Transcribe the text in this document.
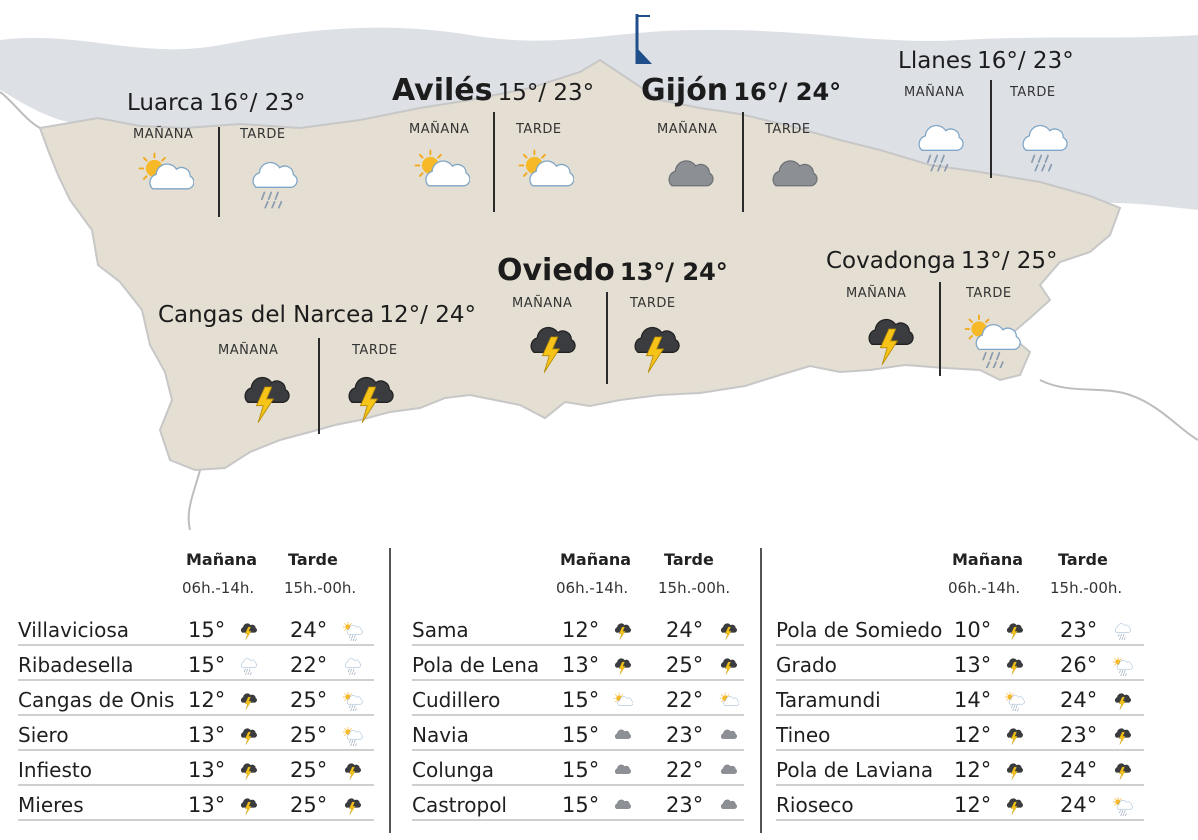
Luarca 16°/ 23°
MAÑANA	TARDE
Avilés 15°/ 23°
MAÑANA	TARDE
Gijón 16°/ 24°
MAÑANA	TARDE
Llanes 16°/ 23°
MAÑANA	TARDE
Oviedo 13°/ 24°
MAÑANA	TARDE
Covadonga 13°/ 25°
MAÑANA	TARDE
Cangas del Narcea 12°/ 24°
MAÑANA	TARDE
Mañana Tarde
06h.-14h. 15h.-00h.
Villaviciosa	15°	24°
Ribadesella	15°	22°
Cangas de Onis 12°	25°
Siero	13°	25°
Infiesto	13°	25°
Mieres	13°	25°
Mañana Tarde
06h.-14h. 15h.-00h.
Sama	12°	24°
Pola de Lena 13°	25°
Cudillero	15°	22°
Navia	15°	23°
Colunga	15°	22°
Castropol	15°	23°
Mañana Tarde
06h.-14h. 15h.-00h.
Pola de Somiedo 10°	23°
Grado	13°	26°
Taramundi	14°	24°
Tineo	12°	23°
Pola de Laviana 12°	24°
Rioseco	12°	24°
